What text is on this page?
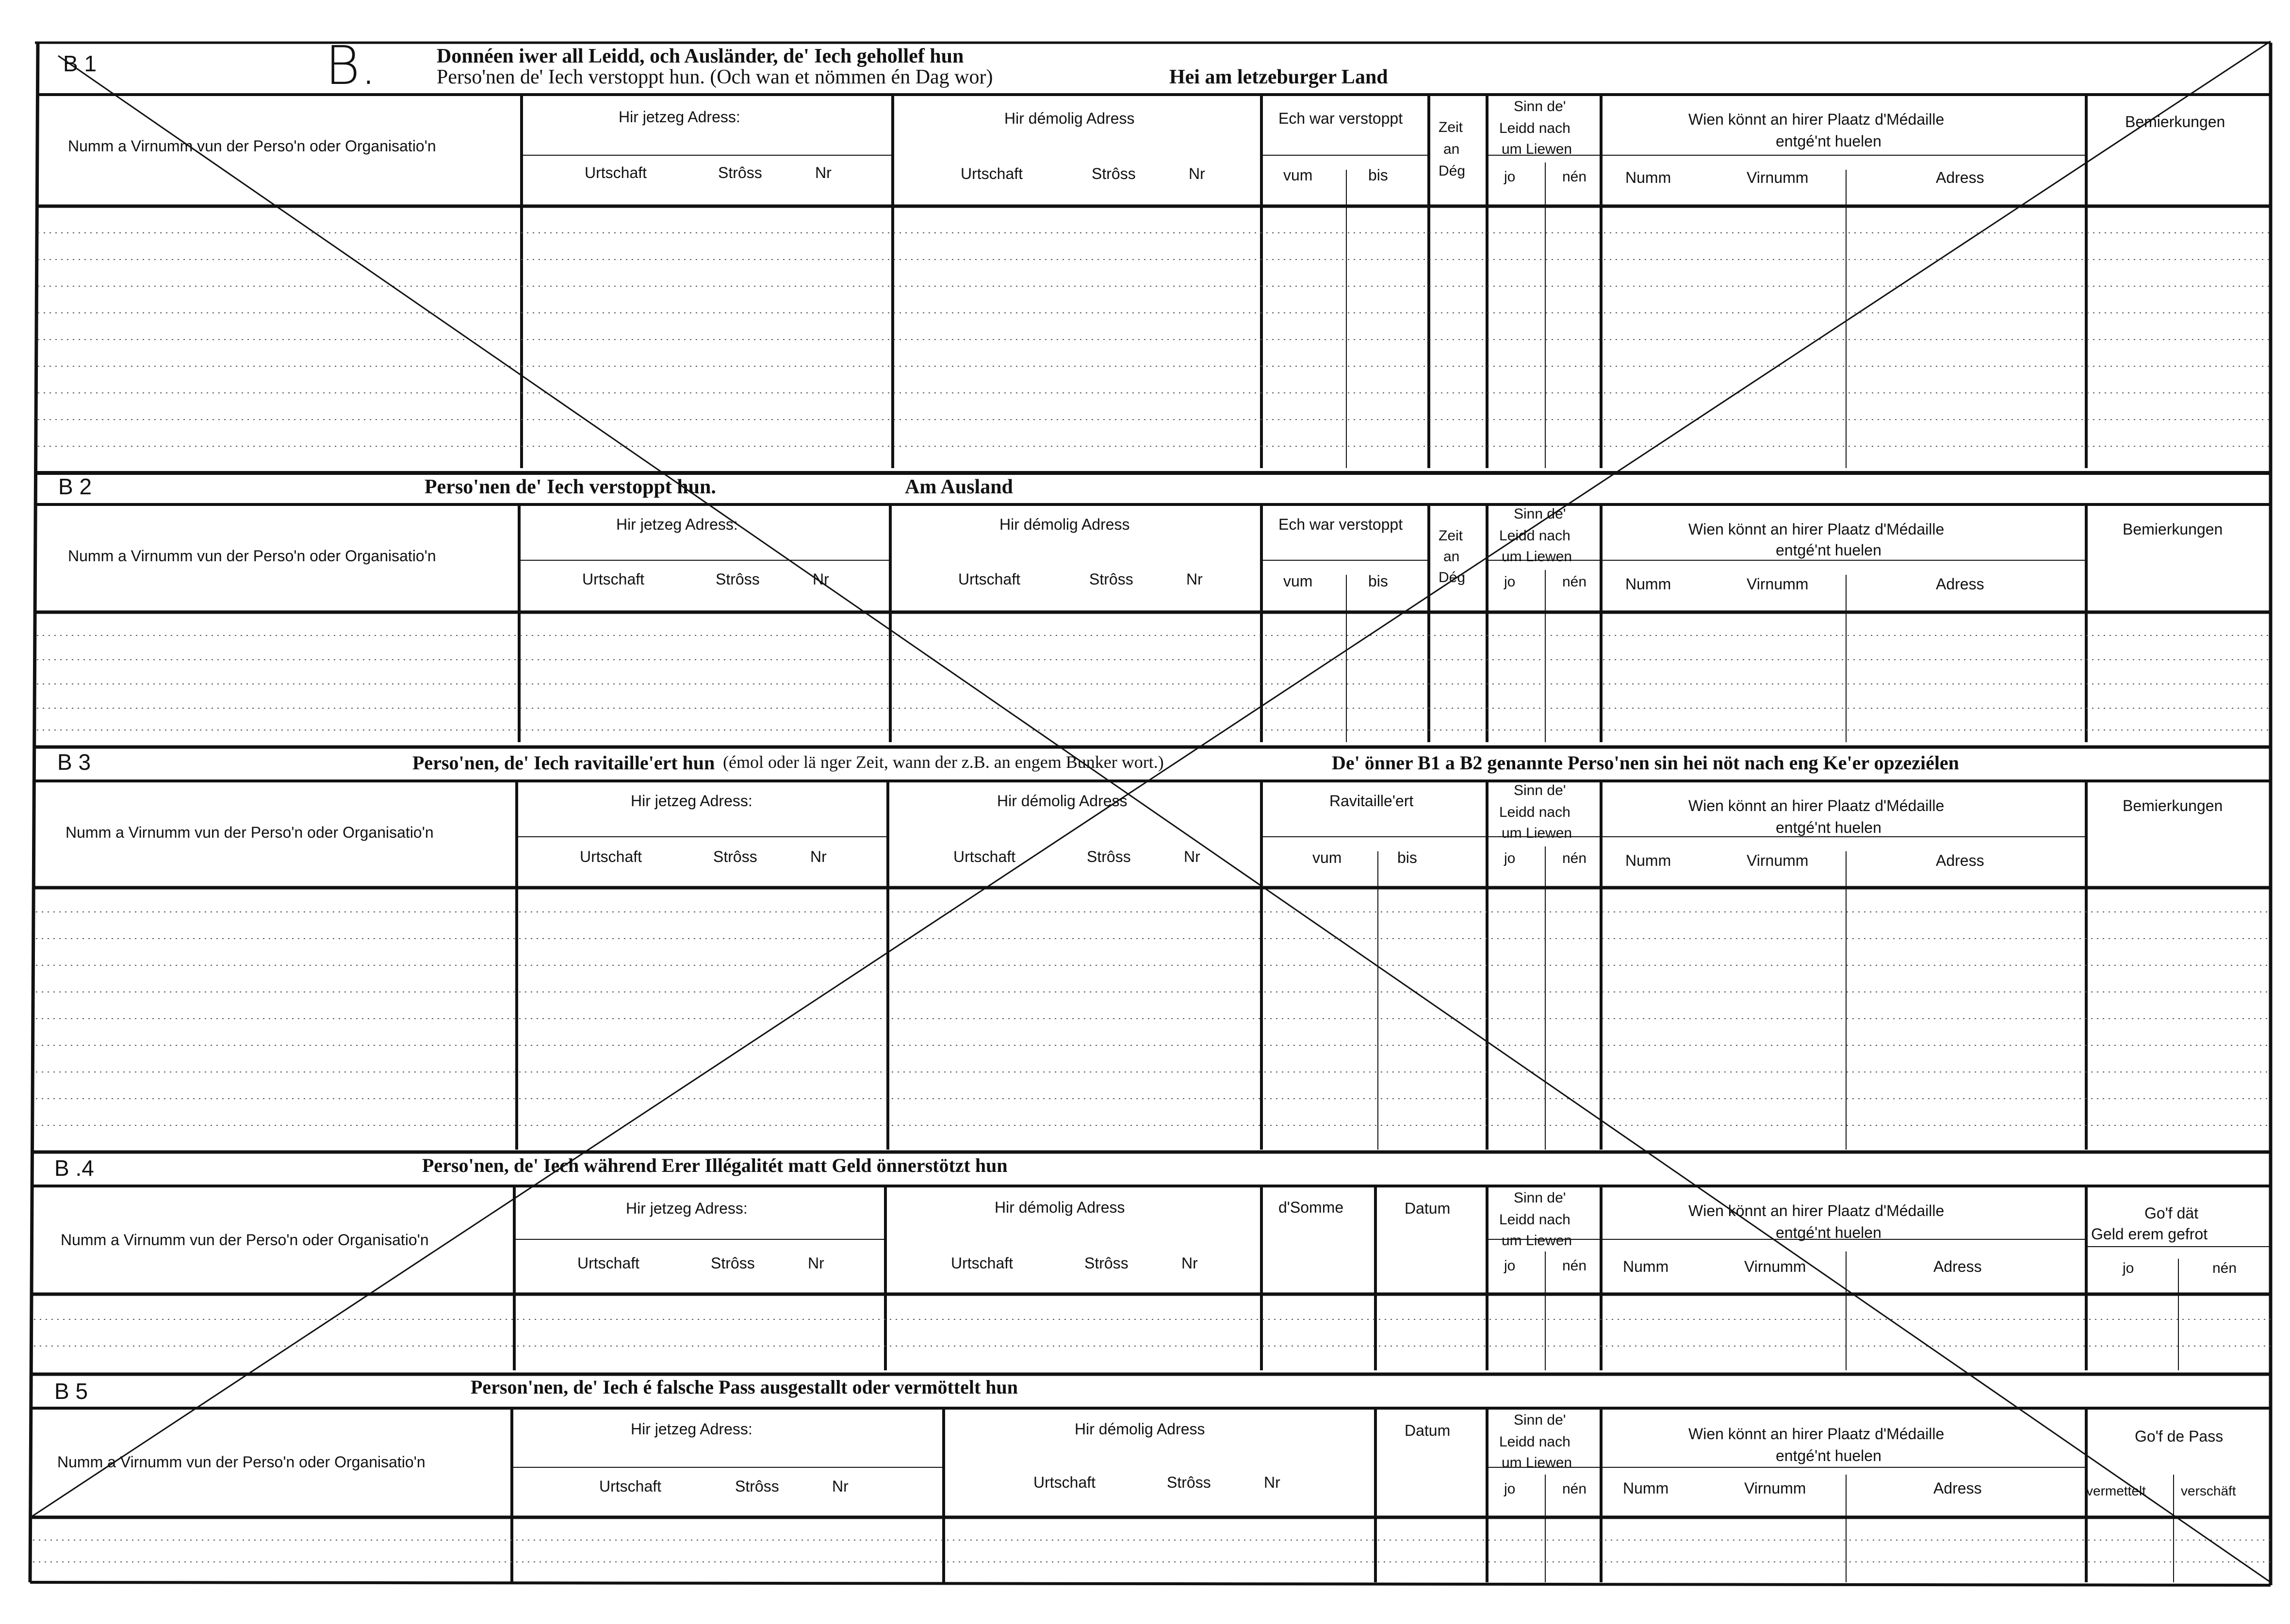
B.
B 1	Donnéen iwer all Leidd, och Ausländer, de' Iech gehollef hun
Perso'nen de' Iech verstoppt hun. (Och wan et nömmen én Dag wor)	Hei am letzeburger Land
Numm a Virnumm vun der Perso'n oder Organisatio'n
Hir jetzeg Adress:
Urtschaft	Strôss	Nr
Hir démolig Adress
Urtschaft	Strôss	Nr
Ech war verstoppt
vum	bis
Zeit
an
Dég
Sinn de'
Leidd nach
um Liewen
jo	nén
Wien könnt an hirer Plaatz d'Médaille
entgé'nt huelen
Numm	Virnumm	Adress
Bemierkungen
B 2	Perso'nen de' Iech verstoppt hun.	Am Ausland
Numm a Virnumm vun der Perso'n oder Organisatio'n
Hir jetzeg Adress:
Urtschaft	Strôss	Nr
Hir démolig Adress
Urtschaft	Strôss	Nr
Ech war verstoppt
vum	bis
Zeit
an
Dég
Sinn de'
Leidd nach
um Liewen
jo	nén
Wien könnt an hirer Plaatz d'Médaille
entgé'nt huelen
Numm	Virnumm	Adress
Bemierkungen
B 3	Perso'nen, de' Iech ravitaille'ert hun (émol oder lä nger Zeit, wann der z.B. an engem Bunker wort.)	De' önner B1 a B2 genannte Perso'nen sin hei nöt nach eng Ke'er opzeziélen
Numm a Virnumm vun der Perso'n oder Organisatio'n
Hir jetzeg Adress:
Urtschaft	Strôss	Nr
Hir démolig Adress
Urtschaft	Strôss	Nr
Ravitaille'ert
vum	bis
Sinn de'
Leidd nach
um Liewen
jo	nén
Wien könnt an hirer Plaatz d'Médaille
entgé'nt huelen
Numm	Virnumm	Adress
Bemierkungen
B .4	Perso'nen, de' Iech während Erer Illégalitét matt Geld önnerstötzt hun
Numm a Virnumm vun der Perso'n oder Organisatio'n
Hir jetzeg Adress:
Urtschaft	Strôss	Nr
Hir démolig Adress
Urtschaft	Strôss	Nr
d'Somme	Datum
Sinn de'
Leidd nach
um Liewen
jo	nén
Wien könnt an hirer Plaatz d'Médaille
entgé'nt huelen
Numm	Virnumm	Adress
Go'f dät
Geld erem gefrot
jo	nén
B 5	Person'nen, de' Iech é falsche Pass ausgestallt oder vermöttelt hun
Numm a Virnumm vun der Perso'n oder Organisatio'n
Hir jetzeg Adress:
Urtschaft	Strôss	Nr
Hir démolig Adress
Urtschaft	Strôss	Nr
Datum
Sinn de'
Leidd nach
um Liewen
jo	nén
Wien könnt an hirer Plaatz d'Médaille
entgé'nt huelen
Numm	Virnumm	Adress
Go'f de Pass
vermettelt	verschäft
